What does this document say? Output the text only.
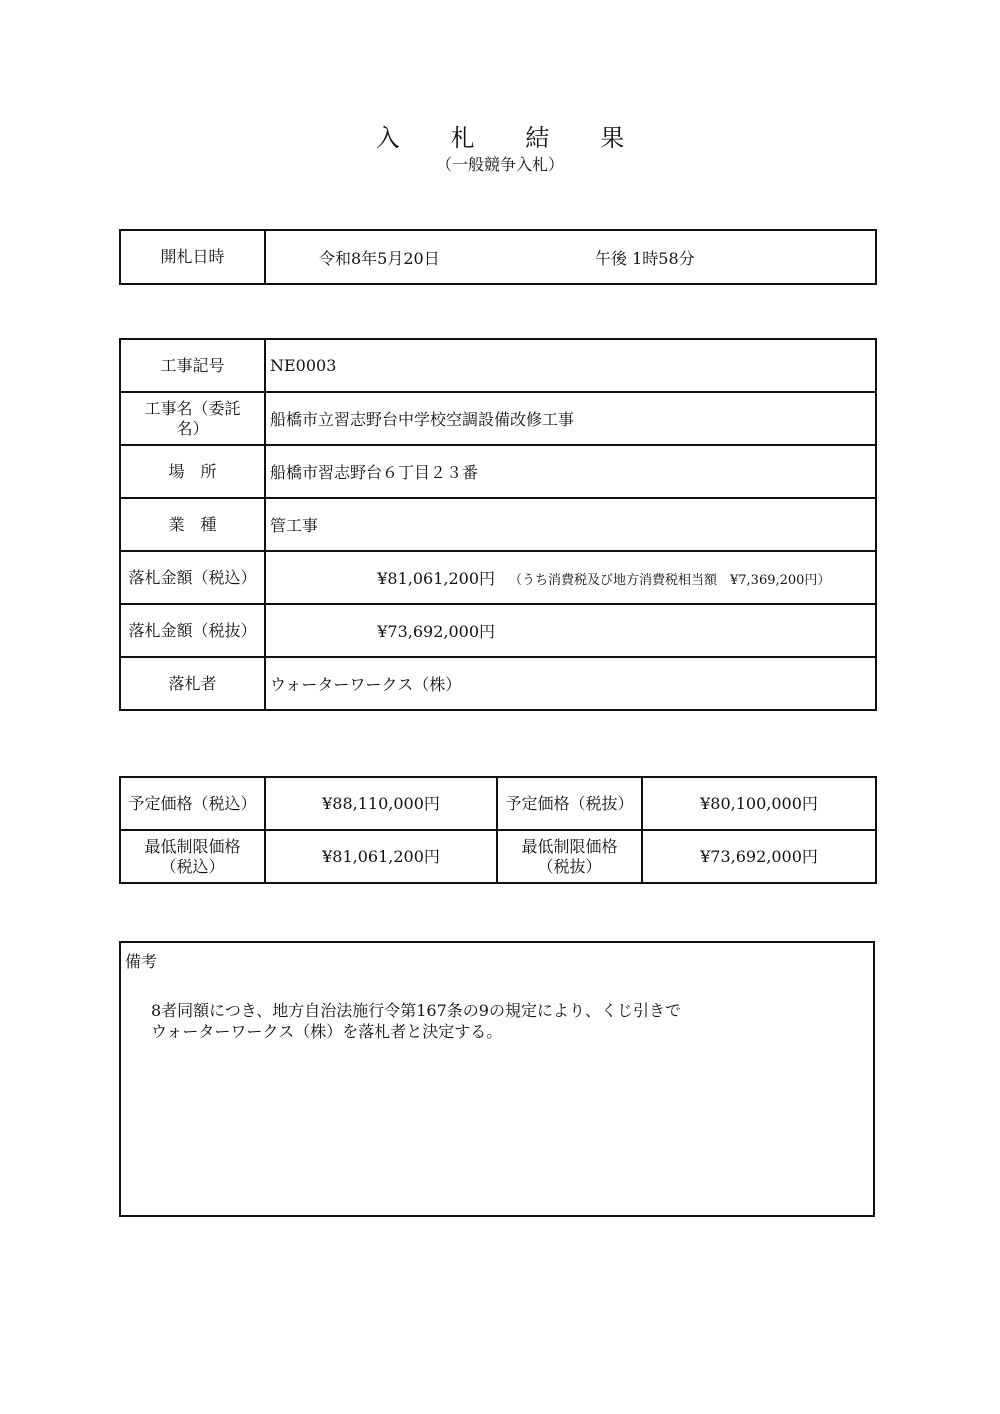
入 札 結 果
（一般競争入札）
開札日時	令和8年5月20日	午後 1時58分
工事記号	NE0003
工事名（委託名）	船橋市立習志野台中学校空調設備改修工事
場　所	船橋市習志野台６丁目２３番
業　種	管工事
落札金額（税込）	¥81,061,200円 （うち消費税及び地方消費税相当額　¥7,369,200円）
落札金額（税抜）	¥73,692,000円
落札者	ウォーターワークス（株）
予定価格（税込）	¥88,110,000円	予定価格（税抜）	¥80,100,000円
最低制限価格（税込）	¥81,061,200円	最低制限価格（税抜）	¥73,692,000円
備考
8者同額につき、地方自治法施行令第167条の9の規定により、くじ引きで
ウォーターワークス（株）を落札者と決定する。
